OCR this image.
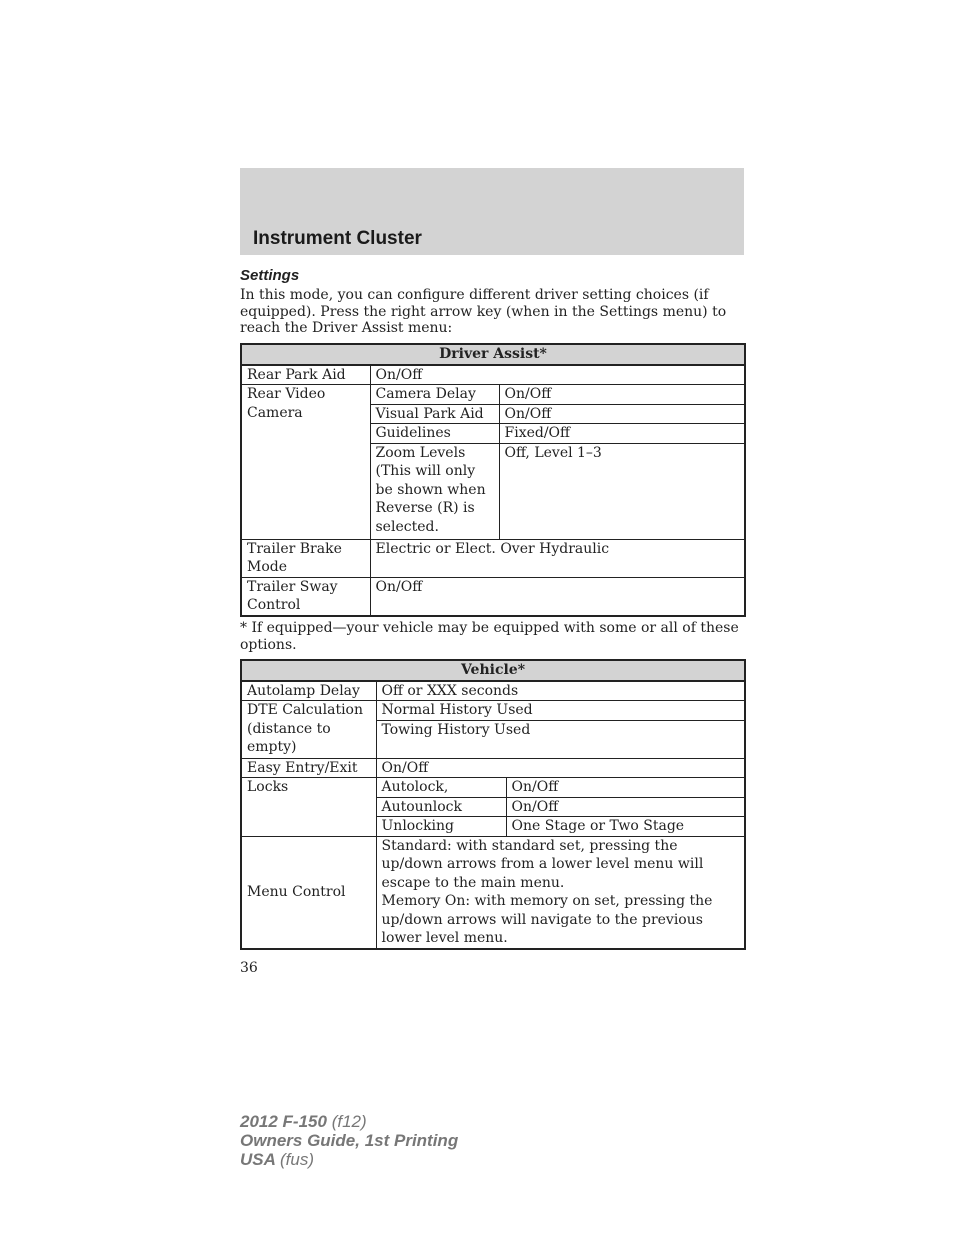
Instrument Cluster
Settings
In this mode, you can configure different driver setting choices (if equipped). Press the right arrow key (when in the Settings menu) to reach the Driver Assist menu:
Driver Assist*		
Rear Park Aid	On/Off	
Rear Video Camera	Camera Delay	On/Off
	Visual Park Aid	On/Off
	Guidelines	Fixed/Off
	Zoom Levels (This will only be shown when Reverse (R) is selected.	Off, Level 1–3
Trailer Brake Mode	Electric or Elect. Over Hydraulic	
Trailer Sway Control	On/Off	
* If equipped—your vehicle may be equipped with some or all of these options.
Vehicle*		
Autolamp Delay	Off or XXX seconds	
DTE Calculation (distance to empty)	Normal History Used	
	Towing History Used	
Easy Entry/Exit	On/Off	
Locks	Autolock,	On/Off
	Autounlock	On/Off
	Unlocking	One Stage or Two Stage
Menu Control	Standard: with standard set, pressing the up/down arrows from a lower level menu will escape to the main menu.
Memory On: with memory on set, pressing the up/down arrows will navigate to the previous lower level menu.	
36
2012 F-150 (f12)
Owners Guide, 1st Printing
USA (fus)
